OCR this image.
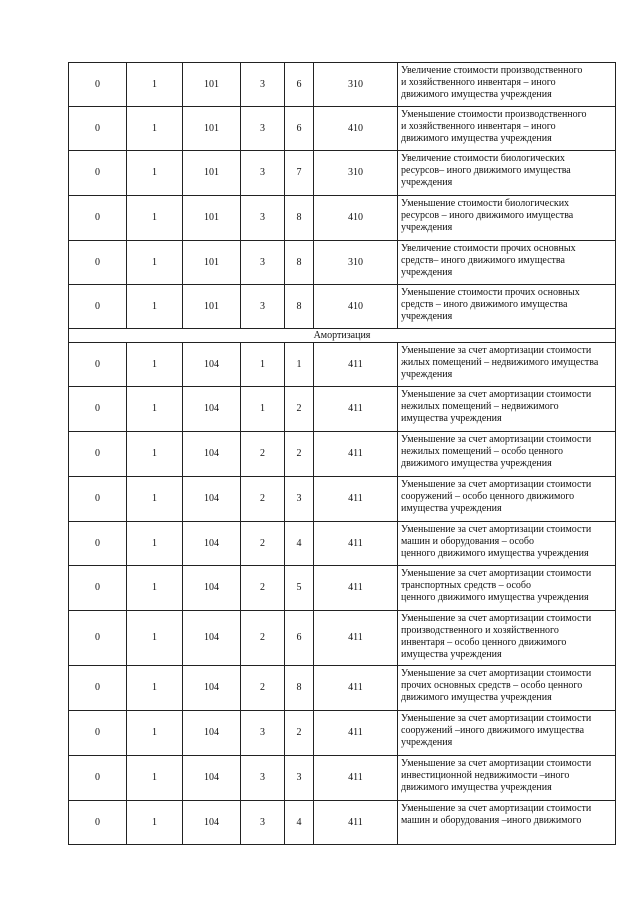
0	1	101	3	6	310	Увеличение стоимости производственного
и хозяйственного инвентаря – иного
движимого имущества учреждения

0	1	101	3	6	410	Уменьшение стоимости производственного
и хозяйственного инвентаря – иного
движимого имущества учреждения

0	1	101	3	7	310	Увеличение стоимости биологических
ресурсов– иного движимого имущества
учреждения

0	1	101	3	8	410	Уменьшение стоимости биологических
ресурсов – иного движимого имущества
учреждения

0	1	101	3	8	310	Увеличение стоимости прочих основных
средств– иного движимого имущества
учреждения

0	1	101	3	8	410	Уменьшение стоимости прочих основных
средств – иного движимого имущества
учреждения

Амортизация						
0	1	104	1	1	411	Уменьшение за счет амортизации стоимости
жилых помещений – недвижимого имущества
учреждения

0	1	104	1	2	411	Уменьшение за счет амортизации стоимости
нежилых помещений – недвижимого
имущества учреждения

0	1	104	2	2	411	Уменьшение за счет амортизации стоимости
нежилых помещений – особо ценного
движимого имущества учреждения

0	1	104	2	3	411	Уменьшение за счет амортизации стоимости
сооружений – особо ценного движимого
имущества учреждения

0	1	104	2	4	411	Уменьшение за счет амортизации стоимости
машин и оборудования – особо
ценного движимого имущества учреждения

0	1	104	2	5	411	Уменьшение за счет амортизации стоимости
транспортных средств – особо
ценного движимого имущества учреждения

0	1	104	2	6	411	Уменьшение за счет амортизации стоимости
производственного и хозяйственного
инвентаря – особо ценного движимого
имущества учреждения

0	1	104	2	8	411	Уменьшение за счет амортизации стоимости
прочих основных средств – особо ценного
движимого имущества учреждения

0	1	104	3	2	411	Уменьшение за счет амортизации стоимости
сооружений –иного движимого имущества
учреждения

0	1	104	3	3	411	Уменьшение за счет амортизации стоимости
инвестиционной недвижимости –иного
движимого имущества учреждения

0	1	104	3	4	411	Уменьшение за счет амортизации стоимости
машин и оборудования –иного движимого
